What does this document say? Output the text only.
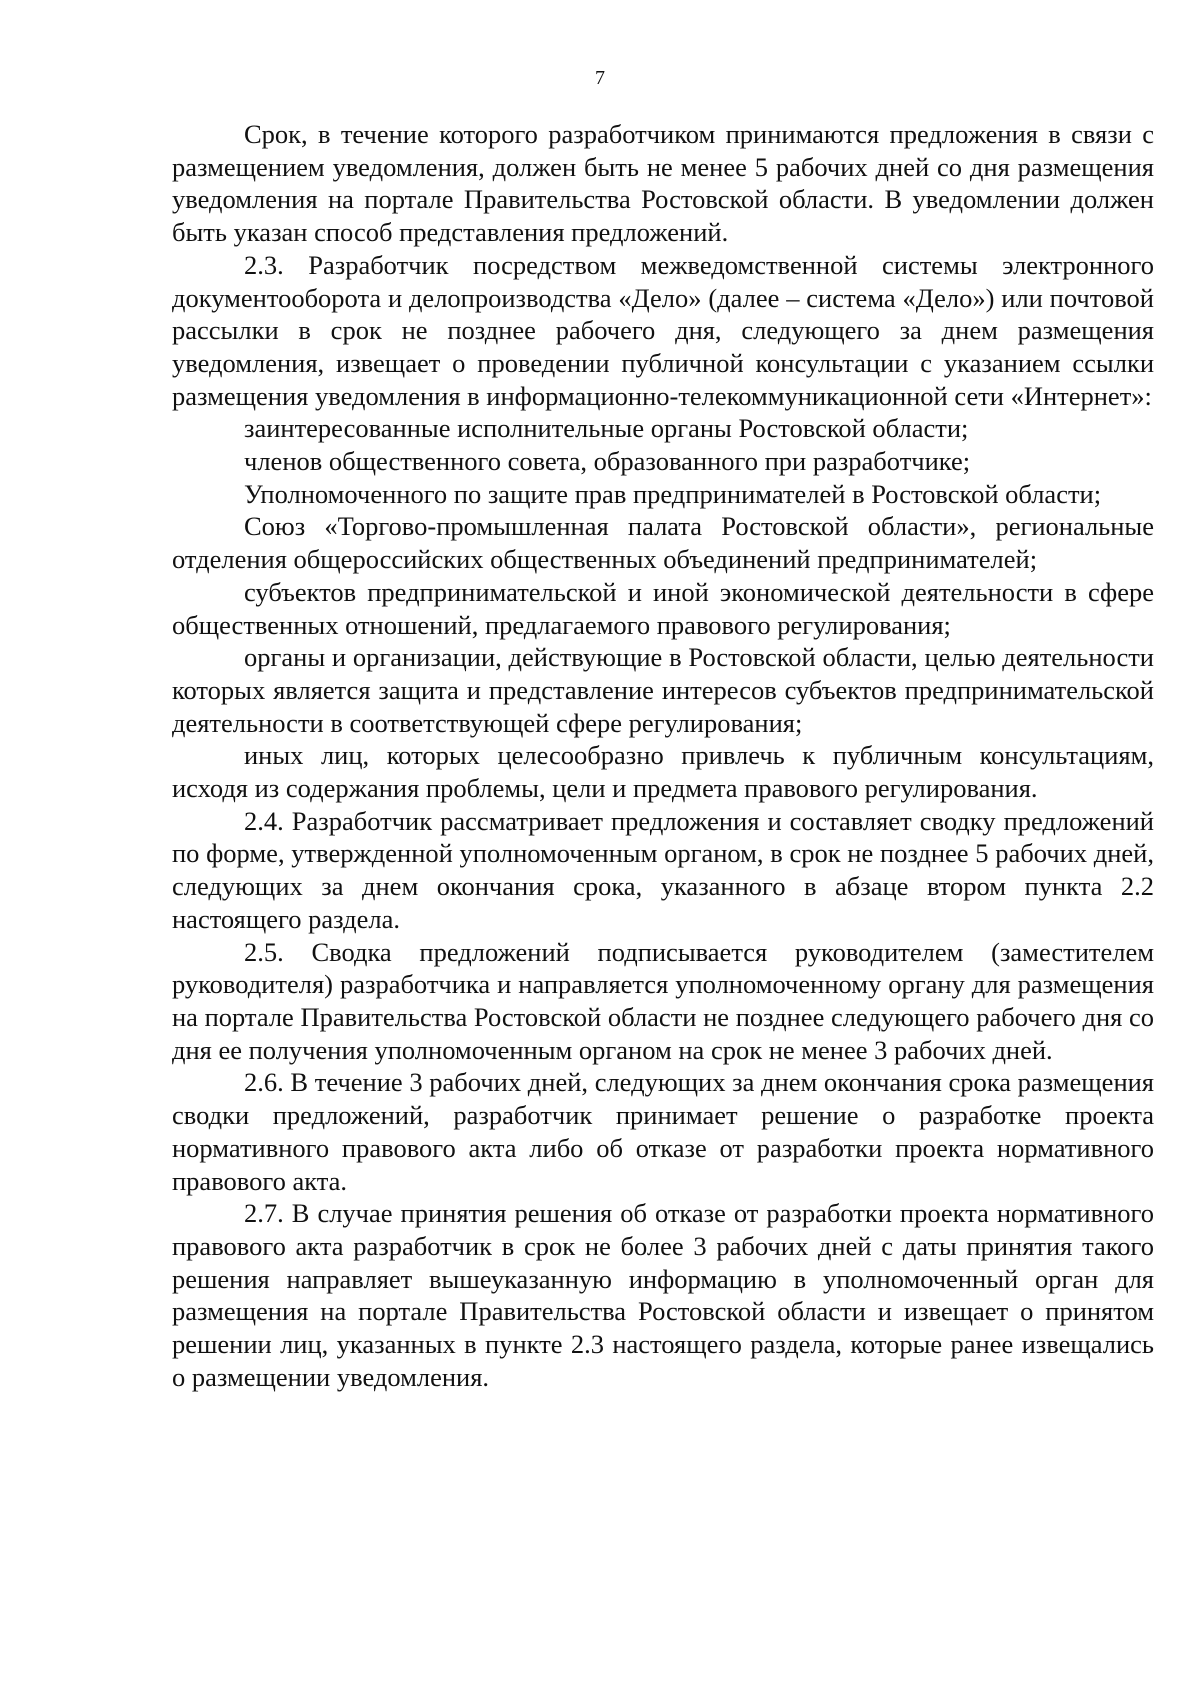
7

Срок, в течение которого разработчиком принимаются предложения в связи с размещением уведомления, должен быть не менее 5 рабочих дней со дня размещения уведомления на портале Правительства Ростовской области. В уведомлении должен быть указан способ представления предложений.

2.3. Разработчик посредством межведомственной системы электронного документооборота и делопроизводства «Дело» (далее – система «Дело») или почтовой рассылки в срок не позднее рабочего дня, следующего за днем размещения уведомления, извещает о проведении публичной консультации с указанием ссылки размещения уведомления в информационно-телекоммуникационной сети «Интернет»:

заинтересованные исполнительные органы Ростовской области;

членов общественного совета, образованного при разработчике;

Уполномоченного по защите прав предпринимателей в Ростовской области;

Союз «Торгово-промышленная палата Ростовской области», региональные отделения общероссийских общественных объединений предпринимателей;

субъектов предпринимательской и иной экономической деятельности в сфере общественных отношений, предлагаемого правового регулирования;

органы и организации, действующие в Ростовской области, целью деятельности которых является защита и представление интересов субъектов предпринимательской деятельности в соответствующей сфере регулирования;

иных лиц, которых целесообразно привлечь к публичным консультациям, исходя из содержания проблемы, цели и предмета правового регулирования.

2.4. Разработчик рассматривает предложения и составляет сводку предложений по форме, утвержденной уполномоченным органом, в срок не позднее 5 рабочих дней, следующих за днем окончания срока, указанного в абзаце втором пункта 2.2 настоящего раздела.

2.5. Сводка предложений подписывается руководителем (заместителем руководителя) разработчика и направляется уполномоченному органу для размещения на портале Правительства Ростовской области не позднее следующего рабочего дня со дня ее получения уполномоченным органом на срок не менее 3 рабочих дней.

2.6. В течение 3 рабочих дней, следующих за днем окончания срока размещения сводки предложений, разработчик принимает решение о разработке проекта нормативного правового акта либо об отказе от разработки проекта нормативного правового акта.

2.7. В случае принятия решения об отказе от разработки проекта нормативного правового акта разработчик в срок не более 3 рабочих дней с даты принятия такого решения направляет вышеуказанную информацию в уполномоченный орган для размещения на портале Правительства Ростовской области и извещает о принятом решении лиц, указанных в пункте 2.3 настоящего раздела, которые ранее извещались о размещении уведомления.
